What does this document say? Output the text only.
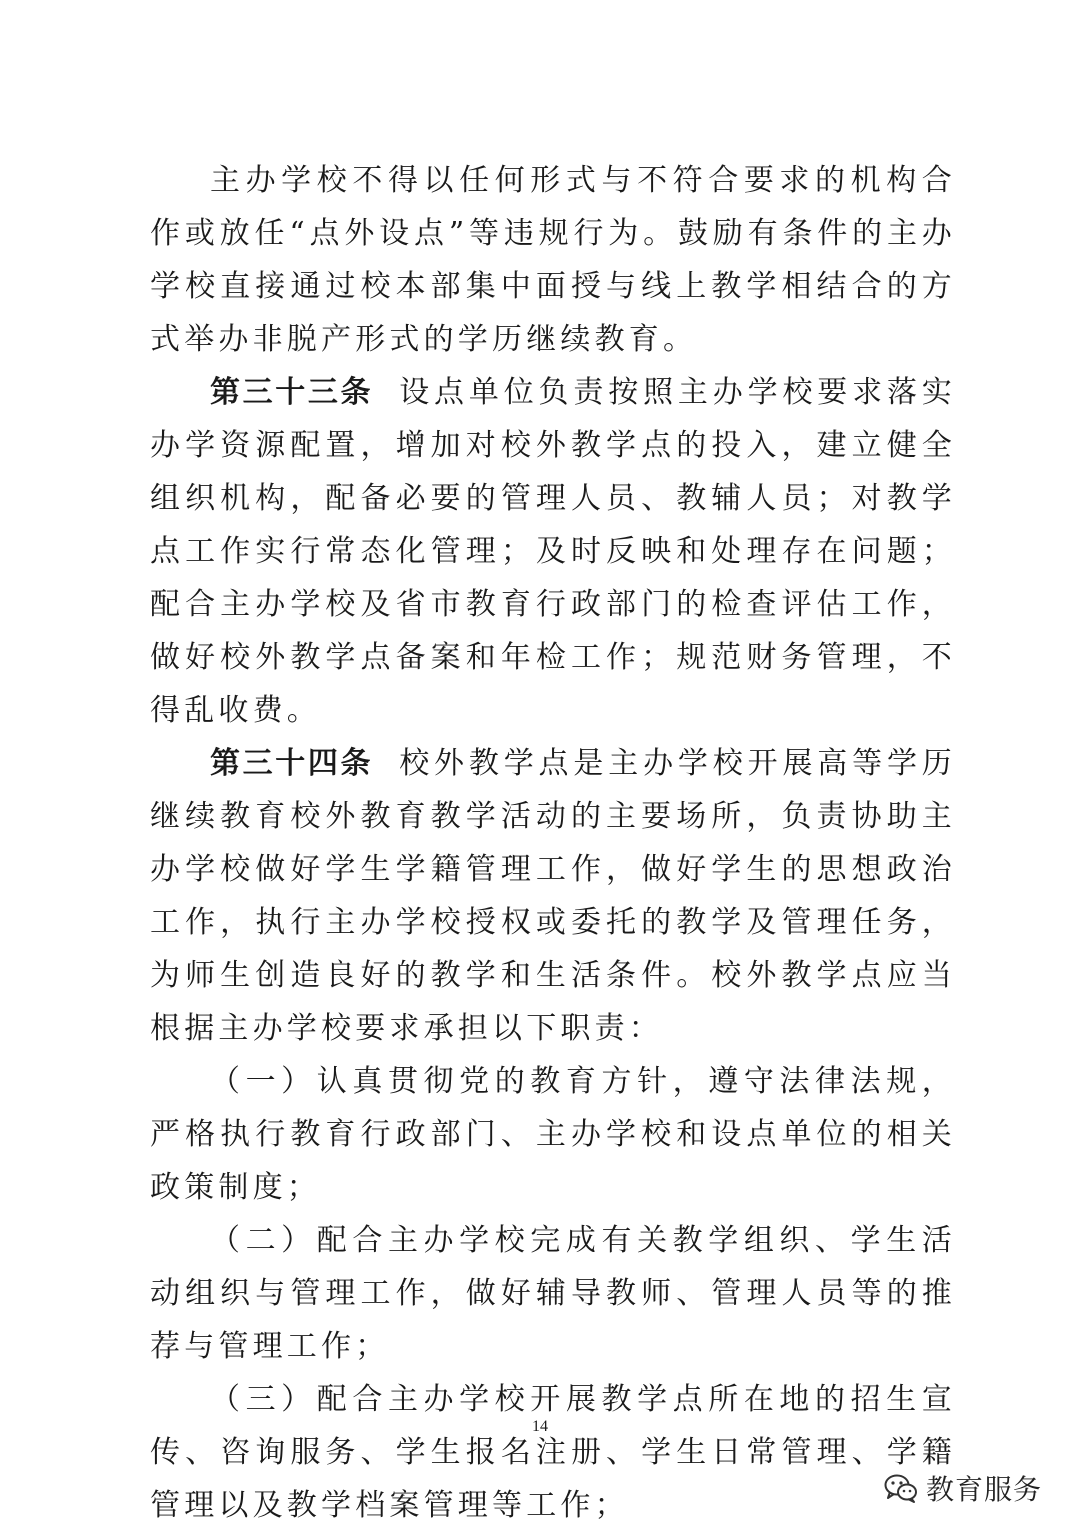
主办学校不得以任何形式与不符合要求的机构合作或放任“点外设点”等违规行为。鼓励有条件的主办学校直接通过校本部集中面授与线上教学相结合的方式举办非脱产形式的学历继续教育。

第三十三条 设点单位负责按照主办学校要求落实办学资源配置，增加对校外教学点的投入，建立健全组织机构，配备必要的管理人员、教辅人员；对教学点工作实行常态化管理；及时反映和处理存在问题；配合主办学校及省市教育行政部门的检查评估工作，做好校外教学点备案和年检工作；规范财务管理，不得乱收费。

第三十四条 校外教学点是主办学校开展高等学历继续教育校外教育教学活动的主要场所，负责协助主办学校做好学生学籍管理工作，做好学生的思想政治工作，执行主办学校授权或委托的教学及管理任务，为师生创造良好的教学和生活条件。校外教学点应当根据主办学校要求承担以下职责：

（一）认真贯彻党的教育方针，遵守法律法规，严格执行教育行政部门、主办学校和设点单位的相关政策制度；

（二）配合主办学校完成有关教学组织、学生活动组织与管理工作，做好辅导教师、管理人员等的推荐与管理工作；

（三）配合主办学校开展教学点所在地的招生宣传、咨询服务、学生报名注册、学生日常管理、学籍管理以及教学档案管理等工作；

14
教育服务
